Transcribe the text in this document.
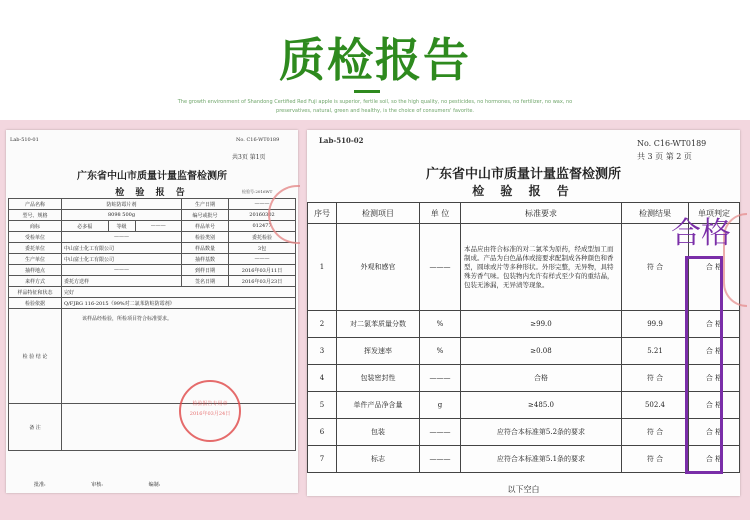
质检报告
The growth environment of Shandong Certified Red Fuji apple is superior, fertile soil, so the high quality, no pesticides, no hormones, no fertilizer, no wax, no preservatives, natural, green and healthy, is the choice of consumers' favorite.
Lab-510-01	No. C16-WT0189
共3页 第1页
广东省中山市质量计量监督检测所
检 验 报 告	检验号:2016WT
产品名称	防蛀防霉片剂			生产日期	———
型号、规格	8098 500g			编号或批号	20160302
商标	必多福	等级	———	样品单号	012477
受检单位	———			检验类别	委托检验
委托单位	中山富士化工有限公司			样品数量	3包
生产单位	中山富士化工有限公司			抽样基数	———
抽样地点	———			到样日期	2016年03月11日
来样方式	委托方送样			签名日期	2016年03月23日
样品特征和状态	完好				
检验依据	Q/FJBG 116-2015《99%对二氯苯防蛀防霉剂》				
检 验 结 论	该样品经检验，所检项目符合标准要求。				
备 注					
检验报告专用章
2016年03月24日
批准:	审核:	编制:
Lab-510-02	No. C16-WT0189
共 3 页 第 2 页
广东省中山市质量计量监督检测所
检 验 报 告
序号	检测项目	单 位	标准要求	检测结果	单项判定
1	外观和感官	———	本品应由符合标准的对二氯苯为原药，经成型加工而制成。产品为白色晶体或接要求配制成各种颜色和香型，圆球或片等多种形状。外形完整，无异物，具特殊芳香气味。包装物内允许有样式至少有的重结晶，包装无渗漏，无异渍等现象。	符 合	合 格
2	对二氯苯质量分数	%	≥99.0	99.9	合 格
3	挥发速率	%	≥0.08	5.21	合 格
4	包装密封性	———	合格	符 合	合 格
5	单件产品净含量	g	≥485.0	502.4	合 格
6	包装	———	应符合本标准第5.2条的要求	符 合	合 格
7	标志	———	应符合本标准第5.1条的要求	符 合	合 格
以下空白
合格
